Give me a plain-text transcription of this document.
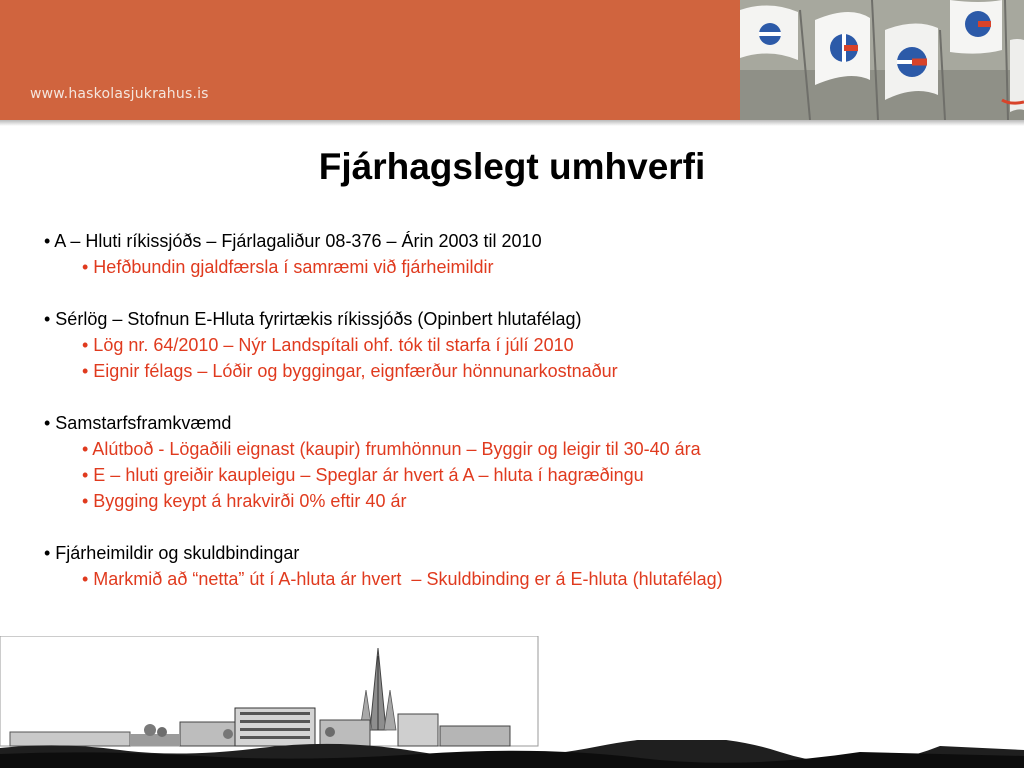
www.haskolasjukrahus.is
Fjárhagslegt umhverfi
• A – Hluti ríkissjóðs – Fjárlagaliður 08-376 – Árin 2003 til 2010
• Hefðbundin gjaldfærsla í samræmi við fjárheimildir
• Sérlög – Stofnun E-Hluta fyrirtækis ríkissjóðs (Opinbert hlutafélag)
• Lög nr. 64/2010 – Nýr Landspítali ohf. tók til starfa í júlí 2010
• Eignir félags – Lóðir og byggingar, eignfærður hönnunarkostnaður
• Samstarfsframkvæmd
• Alútboð - Lögaðili eignast (kaupir) frumhönnun – Byggir og leigir til 30-40 ára
• E – hluti greiðir kaupleigu – Speglar ár hvert á A – hluta í hagræðingu
• Bygging keypt á hrakvirði 0% eftir 40 ár
• Fjárheimildir og skuldbindingar
• Markmið að “netta” út í A-hluta ár hvert  – Skuldbinding er á E-hluta (hlutafélag)
